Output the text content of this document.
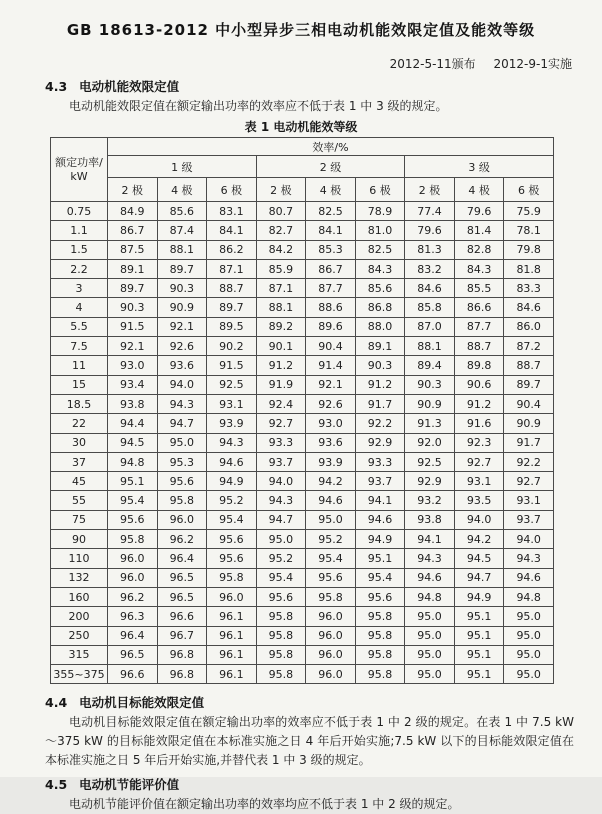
GB 18613-2012 中小型异步三相电动机能效限定值及能效等级
2012-5-11颁布 2012-9-1实施
4.3 电动机能效限定值

电动机能效限定值在额定输出功率的效率应不低于表 1 中 3 级的规定。

表 1 电动机能效等级
额定功率/
kW	效率/%								
	1 级			2 级			3 级		
	2 极	4 极	6 极	2 极	4 极	6 极	2 极	4 极	6 极
0.75	84.9	85.6	83.1	80.7	82.5	78.9	77.4	79.6	75.9
1.1	86.7	87.4	84.1	82.7	84.1	81.0	79.6	81.4	78.1
1.5	87.5	88.1	86.2	84.2	85.3	82.5	81.3	82.8	79.8
2.2	89.1	89.7	87.1	85.9	86.7	84.3	83.2	84.3	81.8
3	89.7	90.3	88.7	87.1	87.7	85.6	84.6	85.5	83.3
4	90.3	90.9	89.7	88.1	88.6	86.8	85.8	86.6	84.6
5.5	91.5	92.1	89.5	89.2	89.6	88.0	87.0	87.7	86.0
7.5	92.1	92.6	90.2	90.1	90.4	89.1	88.1	88.7	87.2
11	93.0	93.6	91.5	91.2	91.4	90.3	89.4	89.8	88.7
15	93.4	94.0	92.5	91.9	92.1	91.2	90.3	90.6	89.7
18.5	93.8	94.3	93.1	92.4	92.6	91.7	90.9	91.2	90.4
22	94.4	94.7	93.9	92.7	93.0	92.2	91.3	91.6	90.9
30	94.5	95.0	94.3	93.3	93.6	92.9	92.0	92.3	91.7
37	94.8	95.3	94.6	93.7	93.9	93.3	92.5	92.7	92.2
45	95.1	95.6	94.9	94.0	94.2	93.7	92.9	93.1	92.7
55	95.4	95.8	95.2	94.3	94.6	94.1	93.2	93.5	93.1
75	95.6	96.0	95.4	94.7	95.0	94.6	93.8	94.0	93.7
90	95.8	96.2	95.6	95.0	95.2	94.9	94.1	94.2	94.0
110	96.0	96.4	95.6	95.2	95.4	95.1	94.3	94.5	94.3
132	96.0	96.5	95.8	95.4	95.6	95.4	94.6	94.7	94.6
160	96.2	96.5	96.0	95.6	95.8	95.6	94.8	94.9	94.8
200	96.3	96.6	96.1	95.8	96.0	95.8	95.0	95.1	95.0
250	96.4	96.7	96.1	95.8	96.0	95.8	95.0	95.1	95.0
315	96.5	96.8	96.1	95.8	96.0	95.8	95.0	95.1	95.0
355~375	96.6	96.8	96.1	95.8	96.0	95.8	95.0	95.1	95.0
4.4 电动机目标能效限定值

电动机目标能效限定值在额定输出功率的效率应不低于表 1 中 2 级的规定。在表 1 中 7.5 kW～375 kW 的目标能效限定值在本标准实施之日 4 年后开始实施;7.5 kW 以下的目标能效限定值在本标准实施之日 5 年后开始实施,并替代表 1 中 3 级的规定。

4.5 电动机节能评价值

电动机节能评价值在额定输出功率的效率均应不低于表 1 中 2 级的规定。
